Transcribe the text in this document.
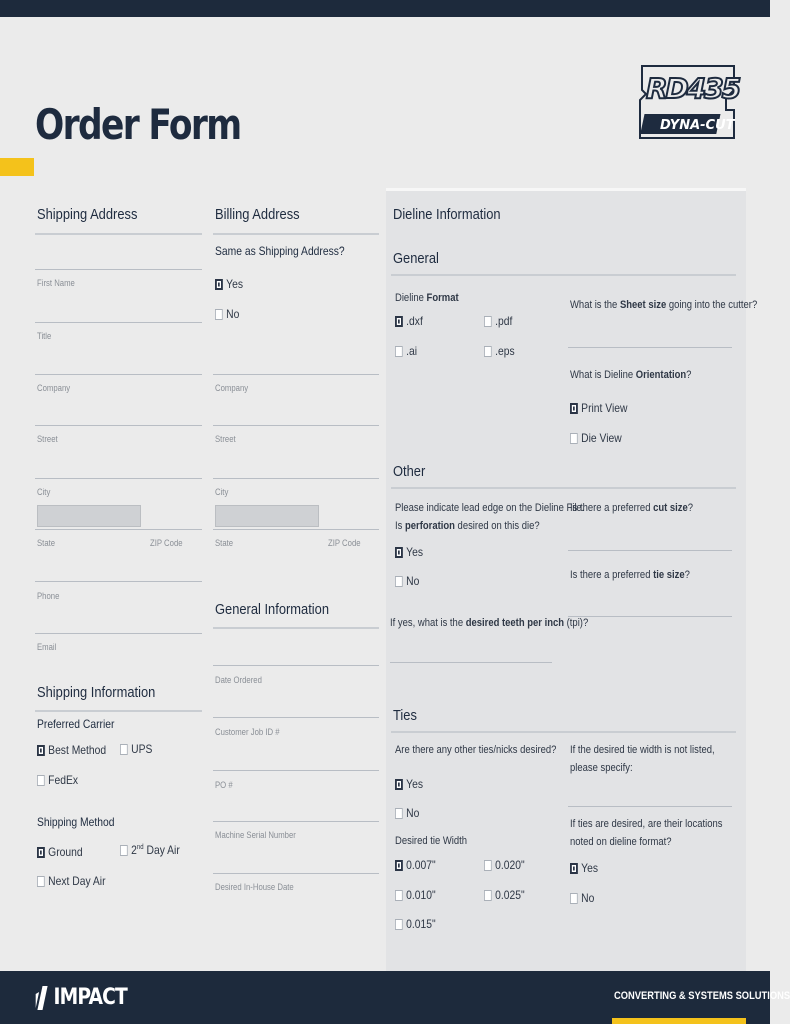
Order Form
RD435
DYNA-CUT
Shipping Address
First Name
Title
Company
Street
City
State	ZIP Code
Phone
Email
Shipping Information
Preferred Carrier
Best Method UPS
FedEx
Shipping Method
Ground	2nd Day Air
Next Day Air
Billing Address
Same as Shipping Address?
Yes
No
Company
Street
City
State	ZIP Code
General Information
Date Ordered
Customer Job ID #
PO #
Machine Serial Number
Desired In-House Date
Dieline Information
General
Dieline Format
.dxf	.pdf
.ai	.eps
What is the Sheet size going into the cutter?
What is Dieline Orientation?
Print View
Die View
Other
Please indicate lead edge on the Dieline File.
Is perforation desired on this die?
Yes
No
If yes, what is the desired teeth per inch (tpi)?
Is there a preferred cut size?
Is there a preferred tie size?
Ties
Are there any other ties/nicks desired?
Yes
No
Desired tie Width
0.007"	0.020"
0.010"	0.025"
0.015"
If the desired tie width is not listed, please specify:
If ties are desired, are their locations noted on dieline format?
Yes
No
IMPACT	CONVERTING & SYSTEMS SOLUTIONS
